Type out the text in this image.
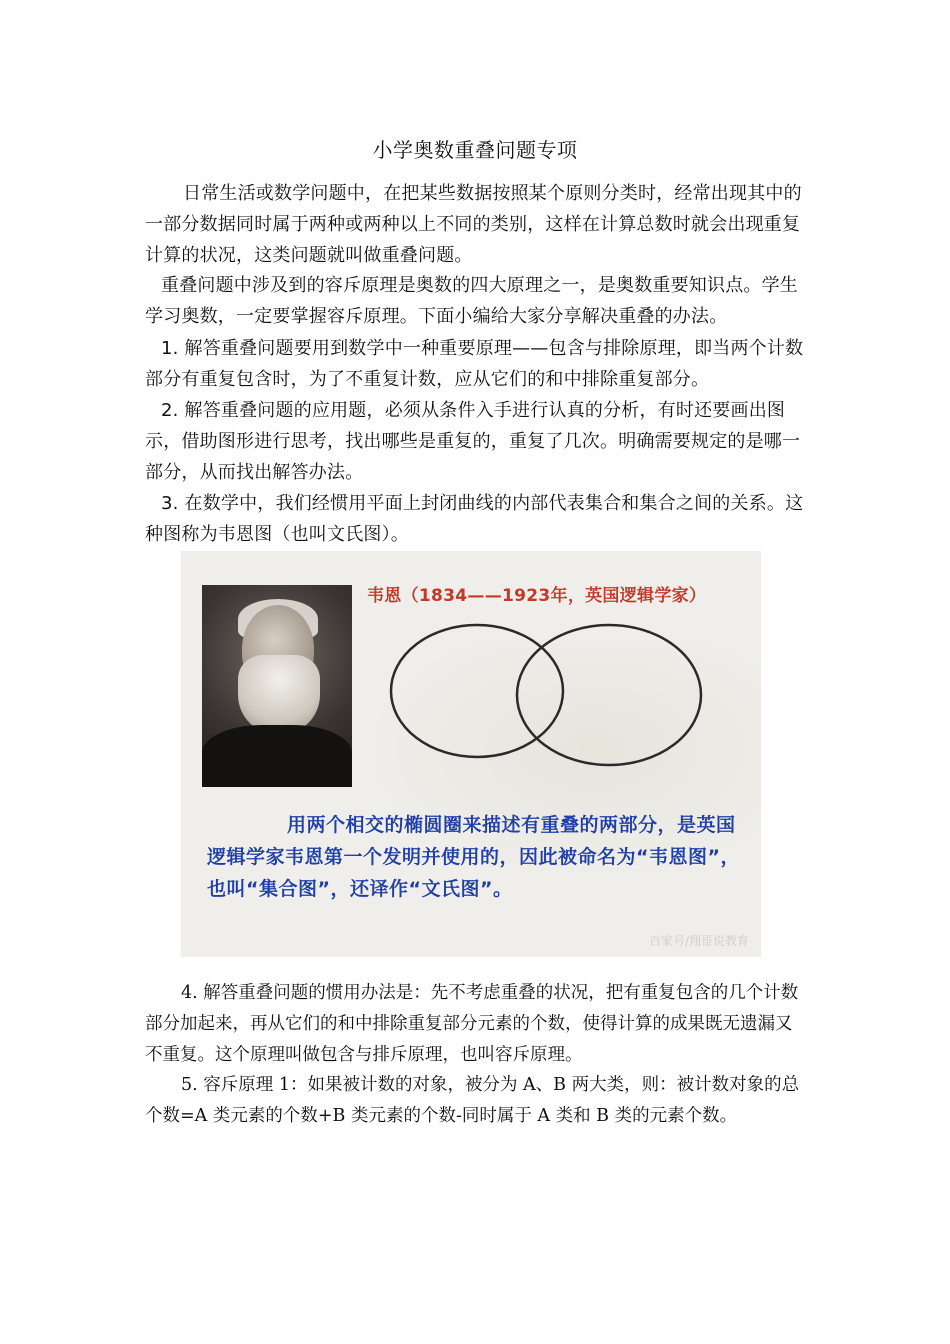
小学奥数重叠问题专项

日常生活或数学问题中，在把某些数据按照某个原则分类时，经常出现其中的一部分数据同时属于两种或两种以上不同的类别，这样在计算总数时就会出现重复计算的状况，这类问题就叫做重叠问题。

重叠问题中涉及到的容斥原理是奥数的四大原理之一，是奥数重要知识点。学生学习奥数，一定要掌握容斥原理。下面小编给大家分享解决重叠的办法。

1. 解答重叠问题要用到数学中一种重要原理——包含与排除原理，即当两个计数部分有重复包含时，为了不重复计数，应从它们的和中排除重复部分。

2. 解答重叠问题的应用题，必须从条件入手进行认真的分析，有时还要画出图示，借助图形进行思考，找出哪些是重复的，重复了几次。明确需要规定的是哪一部分，从而找出解答办法。

3. 在数学中，我们经惯用平面上封闭曲线的内部代表集合和集合之间的关系。这种图称为韦恩图（也叫文氏图）。

韦恩（1834——1923年，英国逻辑学家）
用两个相交的椭圆圈来描述有重叠的两部分，是英国逻辑学家韦恩第一个发明并使用的，因此被命名为“韦恩图”，也叫“集合图”，还译作“文氏图”。
百家号/翔哥说教育

4. 解答重叠问题的惯用办法是：先不考虑重叠的状况，把有重复包含的几个计数部分加起来，再从它们的和中排除重复部分元素的个数，使得计算的成果既无遗漏又不重复。这个原理叫做包含与排斥原理，也叫容斥原理。

5. 容斥原理 1：如果被计数的对象，被分为 A、B 两大类，则：被计数对象的总个数=A 类元素的个数+B 类元素的个数-同时属于 A 类和 B 类的元素个数。
